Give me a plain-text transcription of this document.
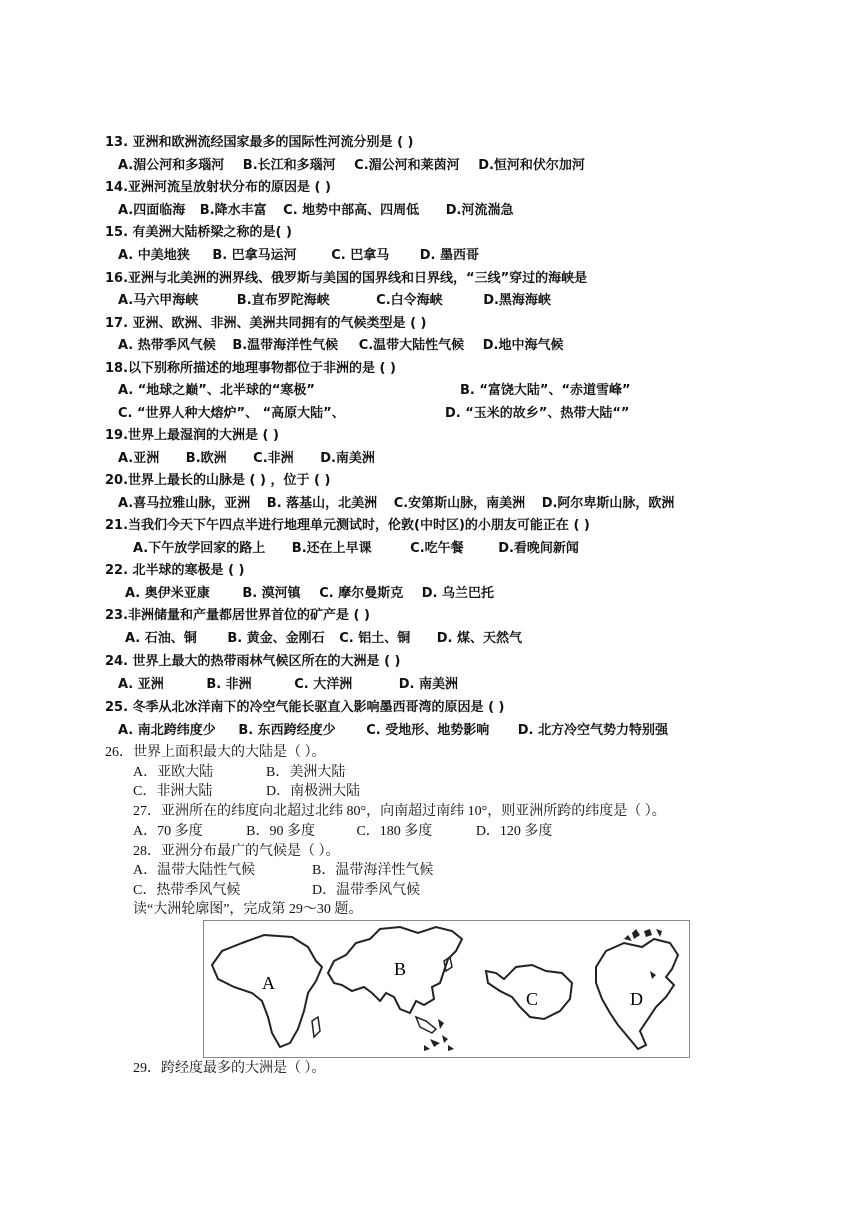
13. 亚洲和欧洲流经国家最多的国际性河流分别是 ( )
A.湄公河和多瑙河 B.长江和多瑙河 C.湄公河和莱茵河 D.恒河和伏尔加河
14.亚洲河流呈放射状分布的原因是 ( )
A.四面临海 B.降水丰富 C. 地势中部高、四周低 D.河流湍急
15. 有美洲大陆桥梁之称的是( )
A. 中美地狭 B. 巴拿马运河	C. 巴拿马 D. 墨西哥
16.亚洲与北美洲的洲界线、俄罗斯与美国的国界线和日界线，“三线”穿过的海峡是
A.马六甲海峡	B.直布罗陀海峡	C.白令海峡	D.黑海海峡
17. 亚洲、欧洲、非洲、美洲共同拥有的气候类型是 ( )
A. 热带季风气候 B.温带海洋性气候 C.温带大陆性气候 D.地中海气候
18.以下别称所描述的地理事物都位于非洲的是 ( )
A. “地球之巅”、北半球的“寒极”	B. “富饶大陆”、“赤道雪峰”
C. “世界人种大熔炉”、 “高原大陆”、	D. “玉米的故乡”、热带大陆“”
19.世界上最湿润的大洲是 ( )
A.亚洲 B.欧洲 C.非洲 D.南美洲
20.世界上最长的山脉是 ( ) ，位于 ( )
A.喜马拉雅山脉，亚洲 B. 落基山，北美洲 C.安第斯山脉，南美洲 D.阿尔卑斯山脉，欧洲
21.当我们今天下午四点半进行地理单元测试时，伦敦(中时区)的小朋友可能正在 ( )
A.下午放学回家的路上 B.还在上早课	C.吃午餐	D.看晚间新闻
22. 北半球的寒极是 ( )
A. 奥伊米亚康	B. 漠河镇 C. 摩尔曼斯克 D. 乌兰巴托
23.非洲储量和产量都居世界首位的矿产是 ( )
A. 石油、铜 B. 黄金、金刚石 C. 铝土、铜 D. 煤、天然气
24. 世界上最大的热带雨林气候区所在的大洲是 ( )
A. 亚洲	B. 非洲	C. 大洋洲	D. 南美洲
25. 冬季从北冰洋南下的冷空气能长驱直入影响墨西哥湾的原因是 ( )
A. 南北跨纬度少 B. 东西跨经度少 C. 受地形、地势影响 D. 北方冷空气势力特别强
26．世界上面积最大的大陆是（ ）。
A．亚欧大陆	B．美洲大陆
C．非洲大陆	D．南极洲大陆
27．亚洲所在的纬度向北超过北纬 80°，向南超过南纬 10°，则亚洲所跨的纬度是（ ）。
A．70 多度	B．90 多度	C．180 多度	D．120 多度
28．亚洲分布最广的气候是（ ）。
A．温带大陆性气候	B．温带海洋性气候
C．热带季风气候	D．温带季风气候
读“大洲轮廓图”，完成第 29～30 题。
A
B
C	D
29．跨经度最多的大洲是（ ）。
